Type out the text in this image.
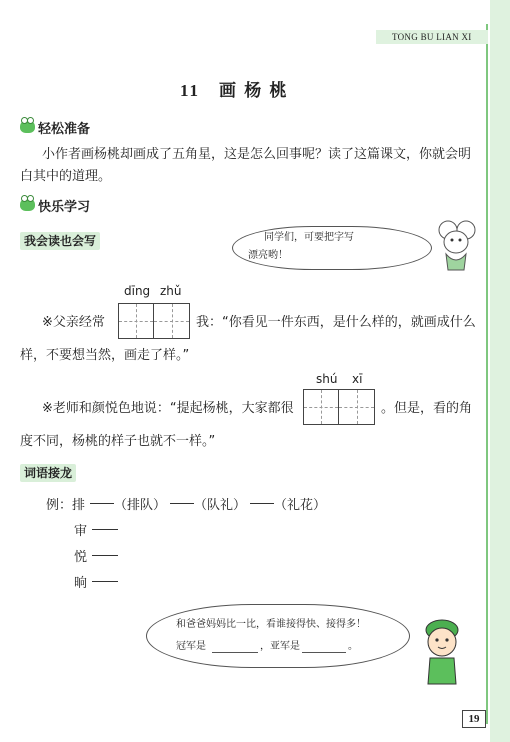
TONG BU LIAN XI
11　画 杨 桃
轻松准备
小作者画杨桃却画成了五角星，这是怎么回事呢？读了这篇课文，你就会明
白其中的道理。
快乐学习
我会读也会写	同学们，可要把字写
漂亮哟！
dīng zhǔ
※父亲经常	我：“你看见一件东西，是什么样的，就画成什么
样，不要想当然，画走了样。”
shú xī
※老师和颜悦色地说：“提起杨桃，大家都很	。但是，看的角
度不同，杨桃的样子也就不一样。”
词语接龙
例：排 （排队） （队礼） （礼花）
审
悦
晌
和爸爸妈妈比一比，看谁接得快、接得多！
冠军是	，亚军是	。
19
